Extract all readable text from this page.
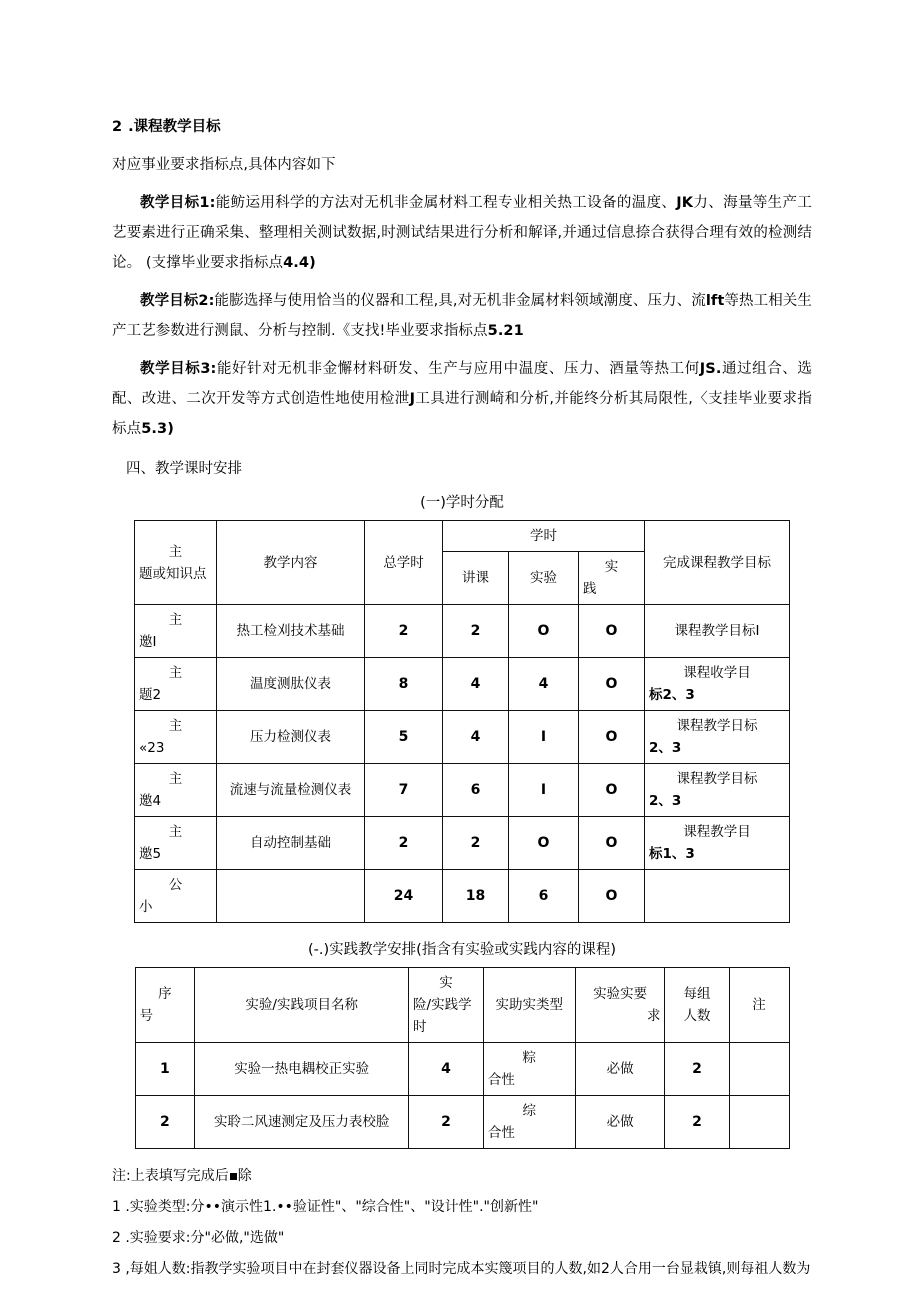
2 .课程教学目标

对应事业要求指标点,具体内容如下

教学目标1:能鲂运用科学的方法对无机非金属材料工程专业相关热工设备的温度、JK力、海量等生产工艺要素进行正确采集、整理相关测试数据,时测试结果进行分析和解译,并通过信息捺合获得合理有效的检测结论。 (支撑毕业要求指标点4.4)

教学目标2:能膨选择与使用恰当的仪器和工程,具,对无机非金属材料领域潮度、压力、流lft等热工相关生产工艺参数进行测鼠、分析与控制.《支找!毕业要求指标点5.21

教学目标3:能好针对无机非金懈材料研发、生产与应用中温度、压力、酒量等热工何JS.通过组合、选配、改进、二次开发等方式创造性地使用检泄J工具进行测崎和分析,并能终分析其局限性,〈支挂毕业要求指标点5.3)

四、教学课时安排
(一)学时分配
主
题或知识点	教学内容	总学时	学时			完成课程教学目标
			讲课	实验	实
践	

主
邀I	热工检刈技术基础	2	2	O	O	课程教学目标I

主
题2	温度测肽仪表	8	4	4	O	课程收学目
标2、3

主
«23	压力检测仪表	5	4	I	O	课程教学日标
2、3

主
邀4	流速与流量检测仪表	7	6	I	O	课程教学目标
2、3

主
邀5	自动控制基础	2	2	O	O	课程教学目
标1、3

公
小		24	18	6	O	
(-.)实践教学安排(指含有实验或实践内容的课程)
序
号	实验/实践项目名称	实
险/实践学
时	实助实类型	实验实要
求	每组
人数	注
1	实验一热电耦校正实验	4	粽
合性	必做	2	
2	实聆二风速测定及压力表校脸	2	综
合性	必做	2	

注:上表填写完成后 除

1 .实验类型:分••演示性1.••验证性"、"综合性"、"设计性"."创新性"

2 .实验要求:分"必做,"选做"

3 ,每姐人数:指教学实验项目中在封套仪器设备上同时完成本实篾项目的人数,如2人合用一台显栽镇,则每祖人数为
